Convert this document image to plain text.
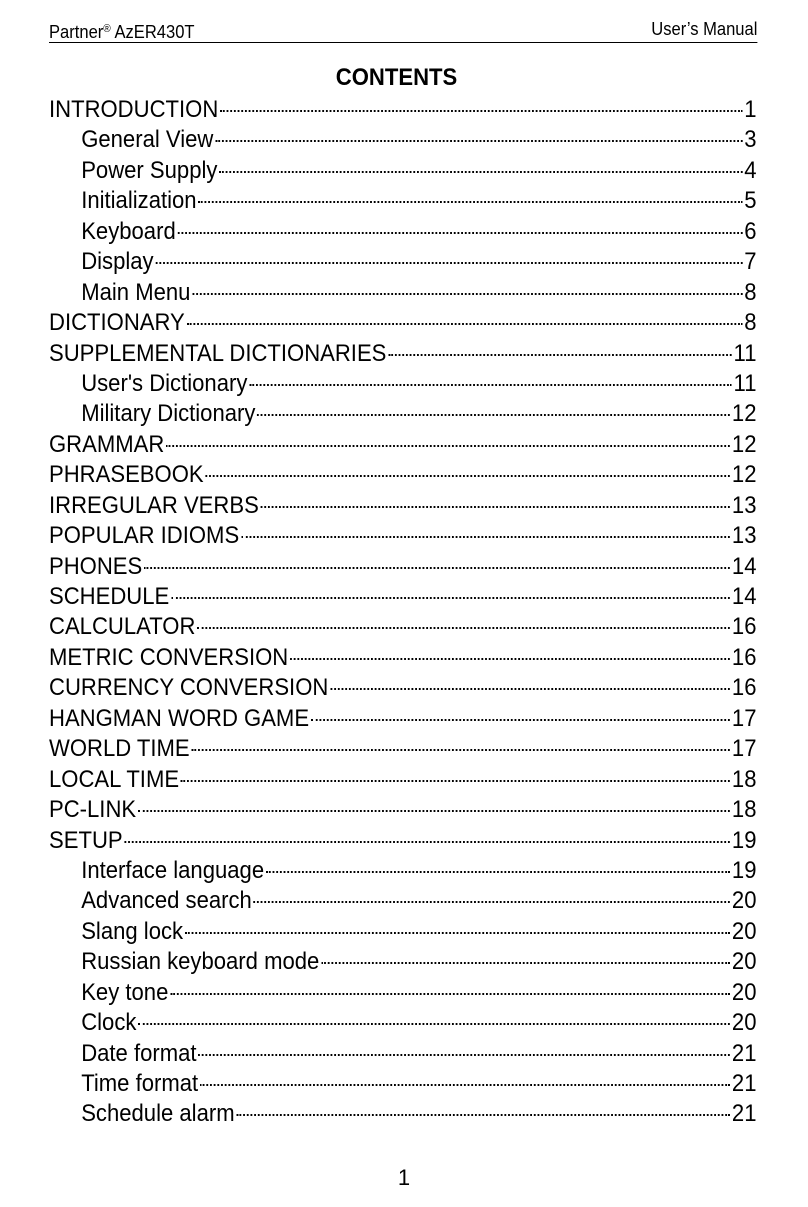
Partner® AzER430T	User’s Manual
CONTENTS
INTRODUCTION	1
General View	3
Power Supply	4
Initialization	5
Keyboard	6
Display	7
Main Menu	8
DICTIONARY	8
SUPPLEMENTAL DICTIONARIES	11
User's Dictionary	11
Military Dictionary	12
GRAMMAR	12
PHRASEBOOK	12
IRREGULAR VERBS	13
POPULAR IDIOMS	13
PHONES	14
SCHEDULE	14
CALCULATOR	16
METRIC CONVERSION	16
CURRENCY CONVERSION	16
HANGMAN WORD GAME	17
WORLD TIME	17
LOCAL TIME	18
PC-LINK	18
SETUP	19
Interface language	19
Advanced search	20
Slang lock	20
Russian keyboard mode	20
Key tone	20
Clock	20
Date format	21
Time format	21
Schedule alarm	21
1
